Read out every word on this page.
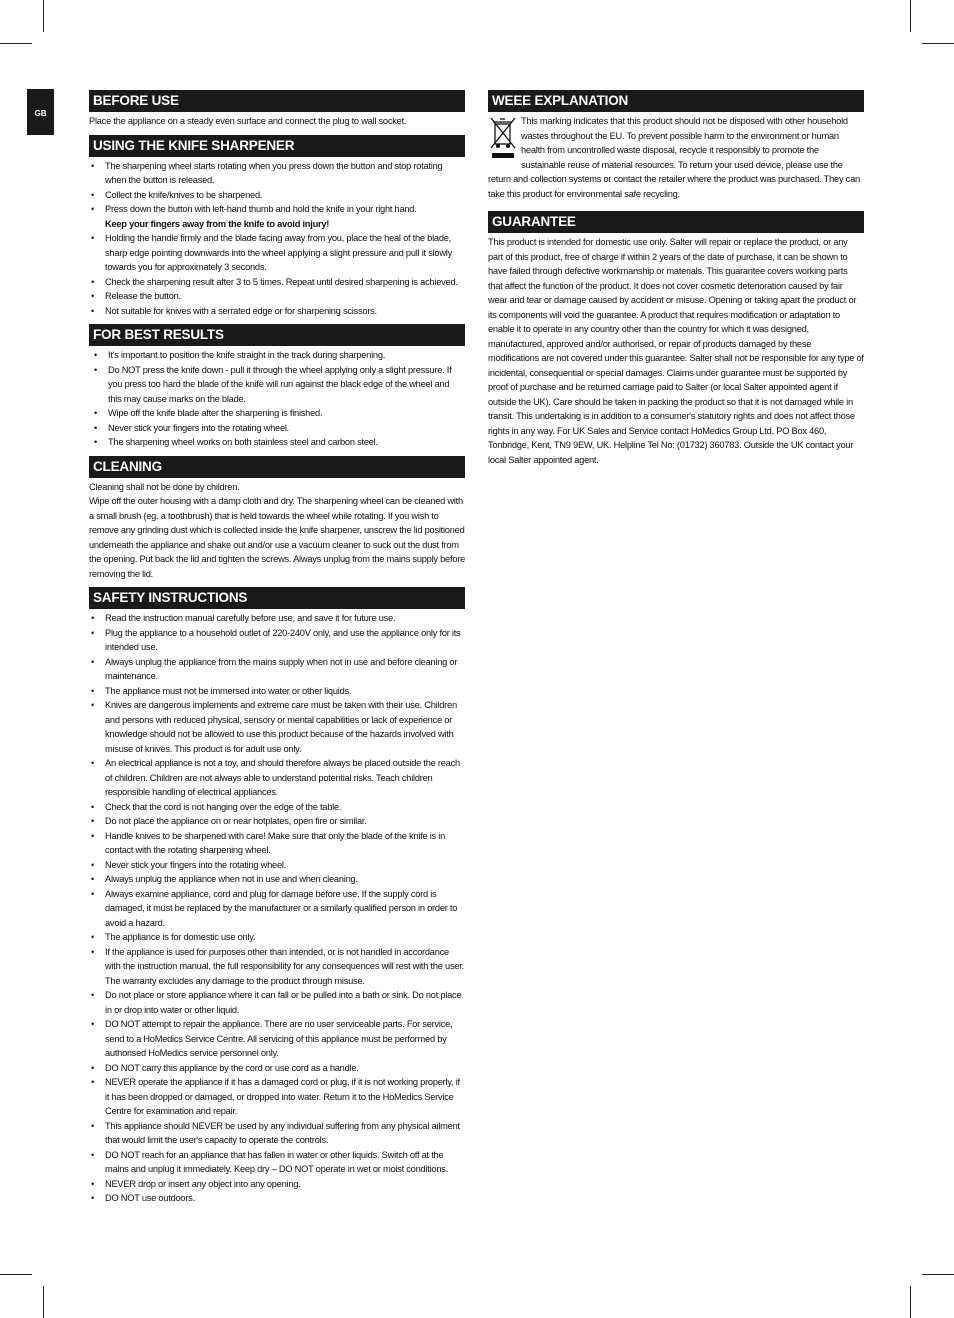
GB
BEFORE USE

Place the appliance on a steady even surface and connect the plug to wall socket.

USING THE KNIFE SHARPENER
• The sharpening wheel starts rotating when you press down the button and stop rotating when the button is released.
• Collect the knife/knives to be sharpened.
• Press down the button with left-hand thumb and hold the knife in your right hand.
Keep your fingers away from the knife to avoid injury!
• Holding the handle firmly and the blade facing away from you, place the heal of the blade, sharp edge pointing downwards into the wheel applying a slight pressure and pull it slowly towards you for approximately 3 seconds.
• Check the sharpening result after 3 to 5 times. Repeat until desired sharpening is achieved.
• Release the button.
• Not suitable for knives with a serrated edge or for sharpening scissors.
FOR BEST RESULTS
• It's important to position the knife straight in the track during sharpening.
• Do NOT press the knife down - pull it through the wheel applying only a slight pressure. If you press too hard the blade of the knife will run against the black edge of the wheel and this may cause marks on the blade.
• Wipe off the knife blade after the sharpening is finished.
• Never stick your fingers into the rotating wheel.
• The sharpening wheel works on both stainless steel and carbon steel.
CLEANING

Cleaning shall not be done by children.

Wipe off the outer housing with a damp cloth and dry. The sharpening wheel can be cleaned with a small brush (eg. a toothbrush) that is held towards the wheel while rotating. If you wish to remove any grinding dust which is collected inside the knife sharpener, unscrew the lid positioned underneath the appliance and shake out and/or use a vacuum cleaner to suck out the dust from the opening. Put back the lid and tighten the screws. Always unplug from the mains supply before removing the lid.

SAFETY INSTRUCTIONS
• Read the instruction manual carefully before use, and save it for future use.
• Plug the appliance to a household outlet of 220-240V only, and use the appliance only for its intended use.
• Always unplug the appliance from the mains supply when not in use and before cleaning or maintenance.
• The appliance must not be immersed into water or other liquids.
• Knives are dangerous implements and extreme care must be taken with their use. Children and persons with reduced physical, sensory or mental capabilities or lack of experience or knowledge should not be allowed to use this product because of the hazards involved with misuse of knives. This product is for adult use only.
• An electrical appliance is not a toy, and should therefore always be placed outside the reach of children. Children are not always able to understand potential risks. Teach children responsible handling of electrical appliances.
• Check that the cord is not hanging over the edge of the table.
• Do not place the appliance on or near hotplates, open fire or similar.
• Handle knives to be sharpened with care! Make sure that only the blade of the knife is in contact with the rotating sharpening wheel.
• Never stick your fingers into the rotating wheel.
• Always unplug the appliance when not in use and when cleaning.
• Always examine appliance, cord and plug for damage before use. If the supply cord is damaged, it must be replaced by the manufacturer or a similarly qualified person in order to avoid a hazard.
• The appliance is for domestic use only.
• If the appliance is used for purposes other than intended, or is not handled in accordance with the instruction manual, the full responsibility for any consequences will rest with the user. The warranty excludes any damage to the product through misuse.
• Do not place or store appliance where it can fall or be pulled into a bath or sink. Do not place in or drop into water or other liquid.
• DO NOT attempt to repair the appliance. There are no user serviceable parts. For service, send to a HoMedics Service Centre. All servicing of this appliance must be performed by authorised HoMedics service personnel only.
• DO NOT carry this appliance by the cord or use cord as a handle.
• NEVER operate the appliance if it has a damaged cord or plug, if it is not working properly, if it has been dropped or damaged, or dropped into water. Return it to the HoMedics Service Centre for examination and repair.
• This appliance should NEVER be used by any individual suffering from any physical ailment that would limit the user's capacity to operate the controls.
• DO NOT reach for an appliance that has fallen in water or other liquids. Switch off at the mains and unplug it immediately. Keep dry – DO NOT operate in wet or moist conditions.
• NEVER drop or insert any object into any opening.
• DO NOT use outdoors.
WEEE EXPLANATION

This marking indicates that this product should not be disposed with other household wastes throughout the EU. To prevent possible harm to the environment or human health from uncontrolled waste disposal, recycle it responsibly to promote the sustainable reuse of material resources. To return your used device, please use the return and collection systems or contact the retailer where the product was purchased. They can take this product for environmental safe recycling.

GUARANTEE

This product is intended for domestic use only. Salter will repair or replace the product, or any part of this product, free of charge if within 2 years of the date of purchase, it can be shown to have failed through defective workmanship or materials. This guarantee covers working parts that affect the function of the product. It does not cover cosmetic deterioration caused by fair wear and tear or damage caused by accident or misuse. Opening or taking apart the product or its components will void the guarantee. A product that requires modification or adaptation to enable it to operate in any country other than the country for which it was designed, manufactured, approved and/or authorised, or repair of products damaged by these modifications are not covered under this guarantee. Salter shall not be responsible for any type of incidental, consequential or special damages. Claims under guarantee must be supported by proof of purchase and be returned carriage paid to Salter (or local Salter appointed agent if outside the UK). Care should be taken in packing the product so that it is not damaged while in transit. This undertaking is in addition to a consumer's statutory rights and does not affect those rights in any way. For UK Sales and Service contact HoMedics Group Ltd, PO Box 460, Tonbridge, Kent, TN9 9EW, UK. Helpline Tel No: (01732) 360783. Outside the UK contact your local Salter appointed agent.
